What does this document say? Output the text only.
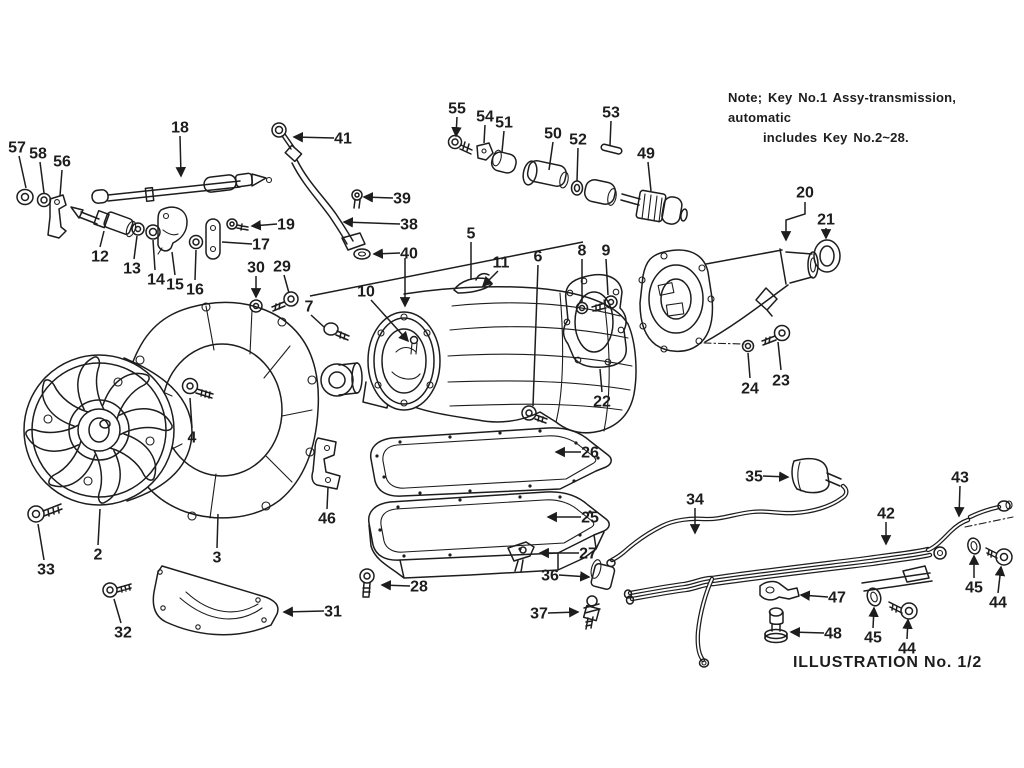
57 58 56
18
12
13
14 15 16
19
17
30 29
41
39
38
40
55 54 51
50 52
53
49
5
11 6
10
7
8 9
22
20
21
24 23
2	3
4
33
32
31
46
26
25
27
28
36
37
35
34
42
43
47
48 45
44
45
44
Note; Key No.1 Assy-transmission, automatic
includes Key No.2~28.
ILLUSTRATION No. 1/2
